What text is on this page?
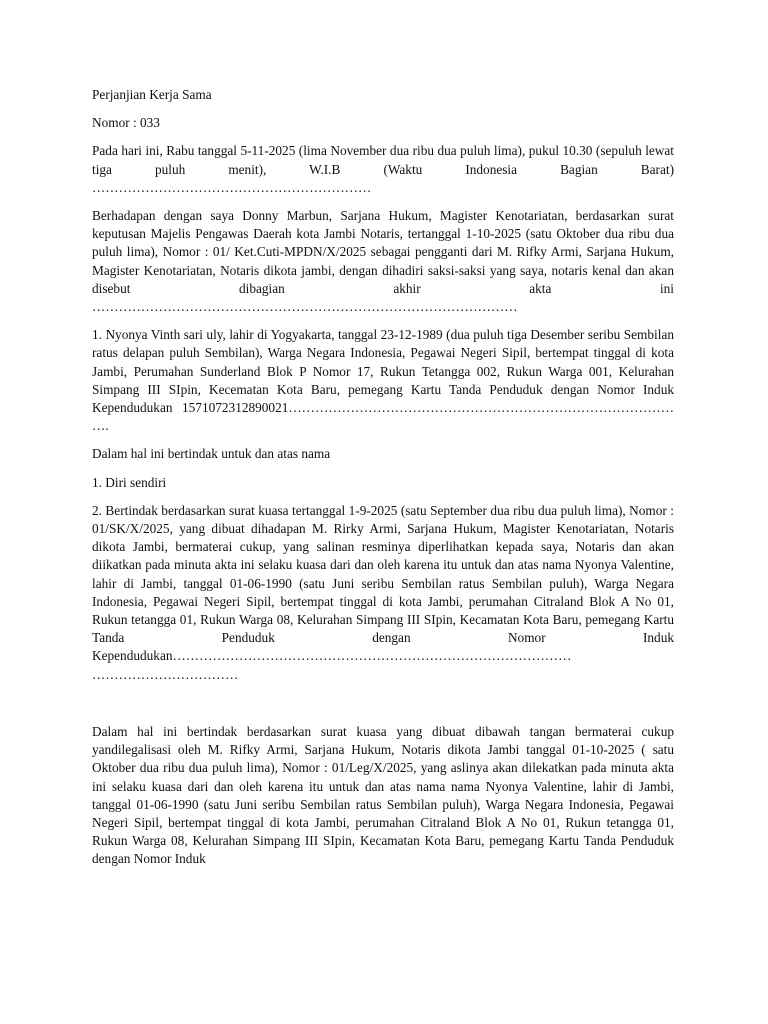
Perjanjian Kerja Sama

Nomor : 033

Pada hari ini, Rabu tanggal 5-11-2025 (lima November dua ribu dua puluh lima), pukul 10.30 (sepuluh lewat tiga puluh menit), W.I.B (Waktu Indonesia Bagian Barat) ………………………………………………………

Berhadapan dengan saya Donny Marbun, Sarjana Hukum, Magister Kenotariatan, berdasarkan surat keputusan Majelis Pengawas Daerah kota Jambi Notaris, tertanggal 1-10-2025 (satu Oktober dua ribu dua puluh lima), Nomor : 01/ Ket.Cuti-MPDN/X/2025 sebagai pengganti dari M. Rifky Armi, Sarjana Hukum, Magister Kenotariatan, Notaris dikota jambi, dengan dihadiri saksi-saksi yang saya, notaris kenal dan akan disebut dibagian akhir akta ini ……………………………………………………………………………………

1. Nyonya Vinth sari uly, lahir di Yogyakarta, tanggal 23-12-1989 (dua puluh tiga Desember seribu Sembilan ratus delapan puluh Sembilan), Warga Negara Indonesia, Pegawai Negeri Sipil, bertempat tinggal di kota Jambi, Perumahan Sunderland Blok P Nomor 17, Rukun Tetangga 002, Rukun Warga 001, Kelurahan Simpang III SIpin, Kecematan Kota Baru, pemegang Kartu Tanda Penduduk dengan Nomor Induk Kependudukan 1571072312890021…………………………………………………………………………… ….

Dalam hal ini bertindak untuk dan atas nama

1. Diri sendiri

2. Bertindak berdasarkan surat kuasa tertanggal 1-9-2025 (satu September dua ribu dua puluh lima), Nomor : 01/SK/X/2025, yang dibuat dihadapan M. Rirky Armi, Sarjana Hukum, Magister Kenotariatan, Notaris dikota Jambi, bermaterai cukup, yang salinan resminya diperlihatkan kepada saya, Notaris dan akan diikatkan pada minuta akta ini selaku kuasa dari dan oleh karena itu untuk dan atas nama Nyonya Valentine, lahir di Jambi, tanggal 01-06-1990 (satu Juni seribu Sembilan ratus Sembilan puluh), Warga Negara Indonesia, Pegawai Negeri Sipil, bertempat tinggal di kota Jambi, perumahan Citraland Blok A No 01, Rukun tetangga 01, Rukun Warga 08, Kelurahan Simpang III SIpin, Kecamatan Kota Baru, pemegang Kartu Tanda Penduduk dengan Nomor Induk Kependudukan……………………………………………………………………………… ……………………………

Dalam hal ini bertindak berdasarkan surat kuasa yang dibuat dibawah tangan bermaterai cukup yandilegalisasi oleh M. Rifky Armi, Sarjana Hukum, Notaris dikota Jambi tanggal 01-10-2025 ( satu Oktober dua ribu dua puluh lima), Nomor : 01/Leg/X/2025, yang aslinya akan dilekatkan pada minuta akta ini selaku kuasa dari dan oleh karena itu untuk dan atas nama nama Nyonya Valentine, lahir di Jambi, tanggal 01-06-1990 (satu Juni seribu Sembilan ratus Sembilan puluh), Warga Negara Indonesia, Pegawai Negeri Sipil, bertempat tinggal di kota Jambi, perumahan Citraland Blok A No 01, Rukun tetangga 01, Rukun Warga 08, Kelurahan Simpang III SIpin, Kecamatan Kota Baru, pemegang Kartu Tanda Penduduk dengan Nomor Induk
